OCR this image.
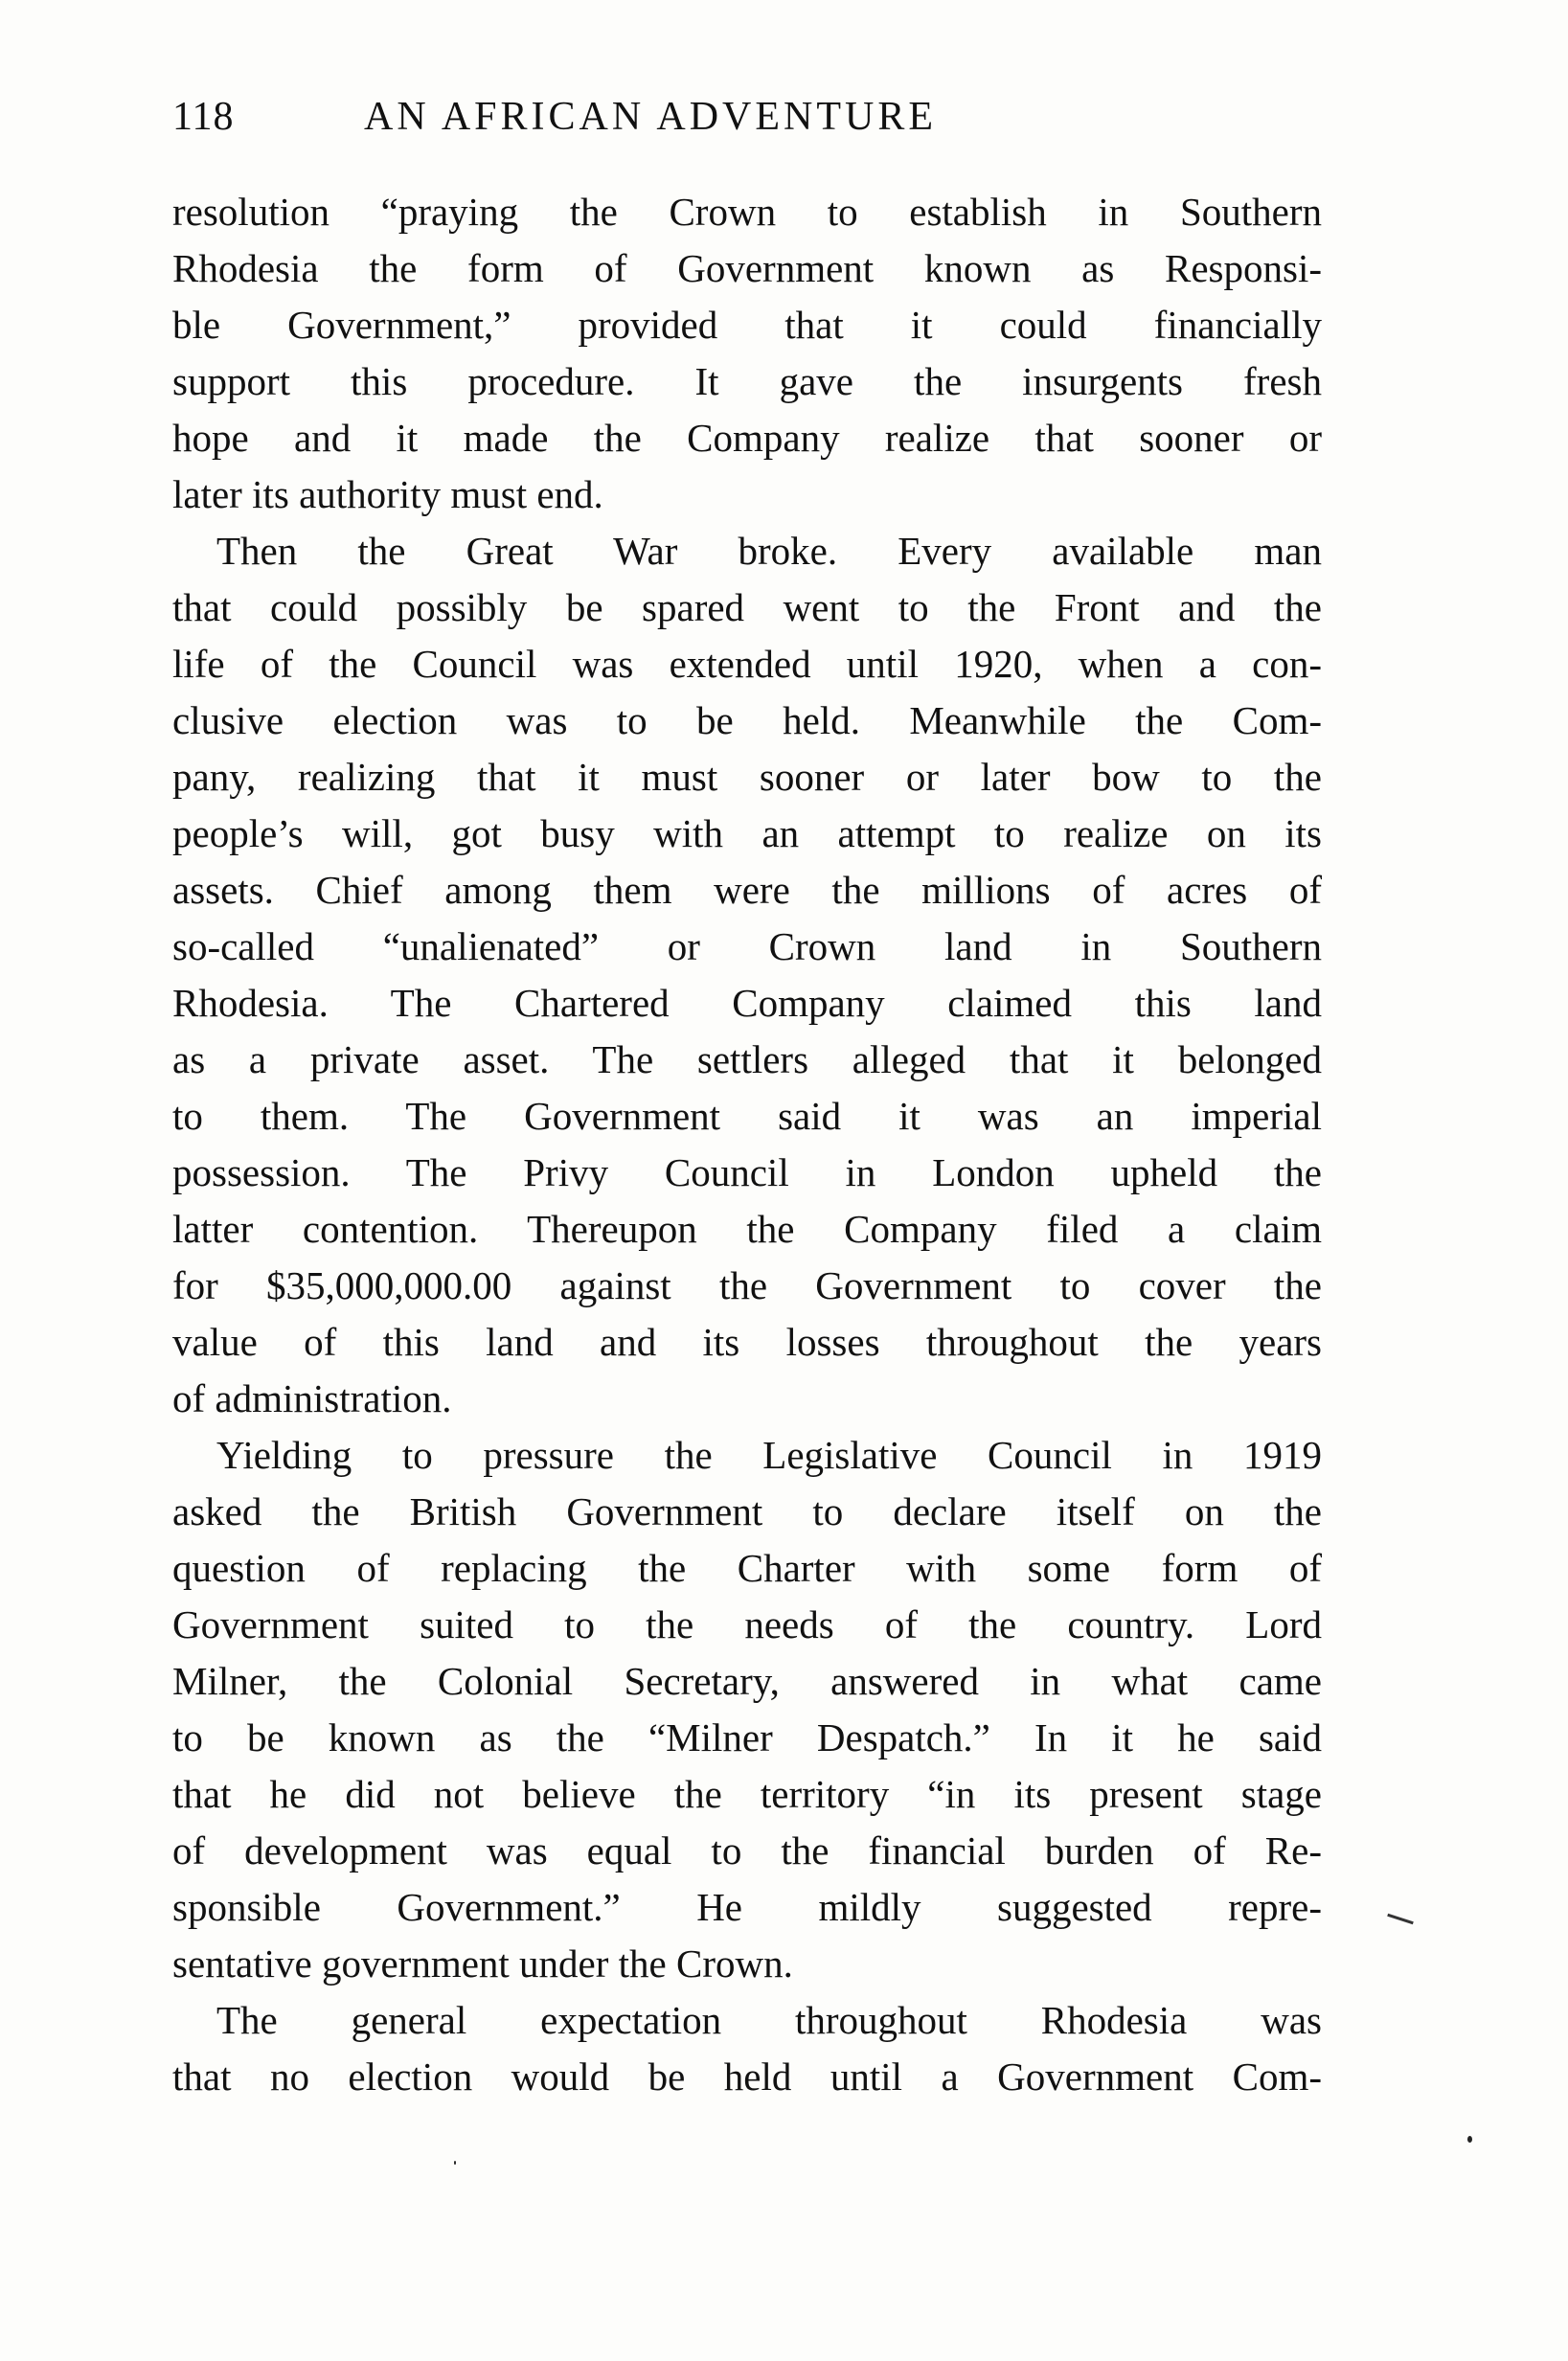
118	AN AFRICAN ADVENTURE
resolution “praying the Crown to establish in Southern
Rhodesia the form of Government known as Responsi-
ble Government,” provided that it could financially
support this procedure. It gave the insurgents fresh
hope and it made the Company realize that sooner or
later its authority must end.
Then the Great War broke. Every available man
that could possibly be spared went to the Front and the
life of the Council was extended until 1920, when a con-
clusive election was to be held. Meanwhile the Com-
pany, realizing that it must sooner or later bow to the
people’s will, got busy with an attempt to realize on its
assets. Chief among them were the millions of acres of
so-called “unalienated” or Crown land in Southern
Rhodesia. The Chartered Company claimed this land
as a private asset. The settlers alleged that it belonged
to them. The Government said it was an imperial
possession. The Privy Council in London upheld the
latter contention. Thereupon the Company filed a claim
for $35,000,000.00 against the Government to cover the
value of this land and its losses throughout the years
of administration.
Yielding to pressure the Legislative Council in 1919
asked the British Government to declare itself on the
question of replacing the Charter with some form of
Government suited to the needs of the country. Lord
Milner, the Colonial Secretary, answered in what came
to be known as the “Milner Despatch.” In it he said
that he did not believe the territory “in its present stage
of development was equal to the financial burden of Re-
sponsible Government.” He mildly suggested repre-
sentative government under the Crown.
The general expectation throughout Rhodesia was
that no election would be held until a Government Com-
